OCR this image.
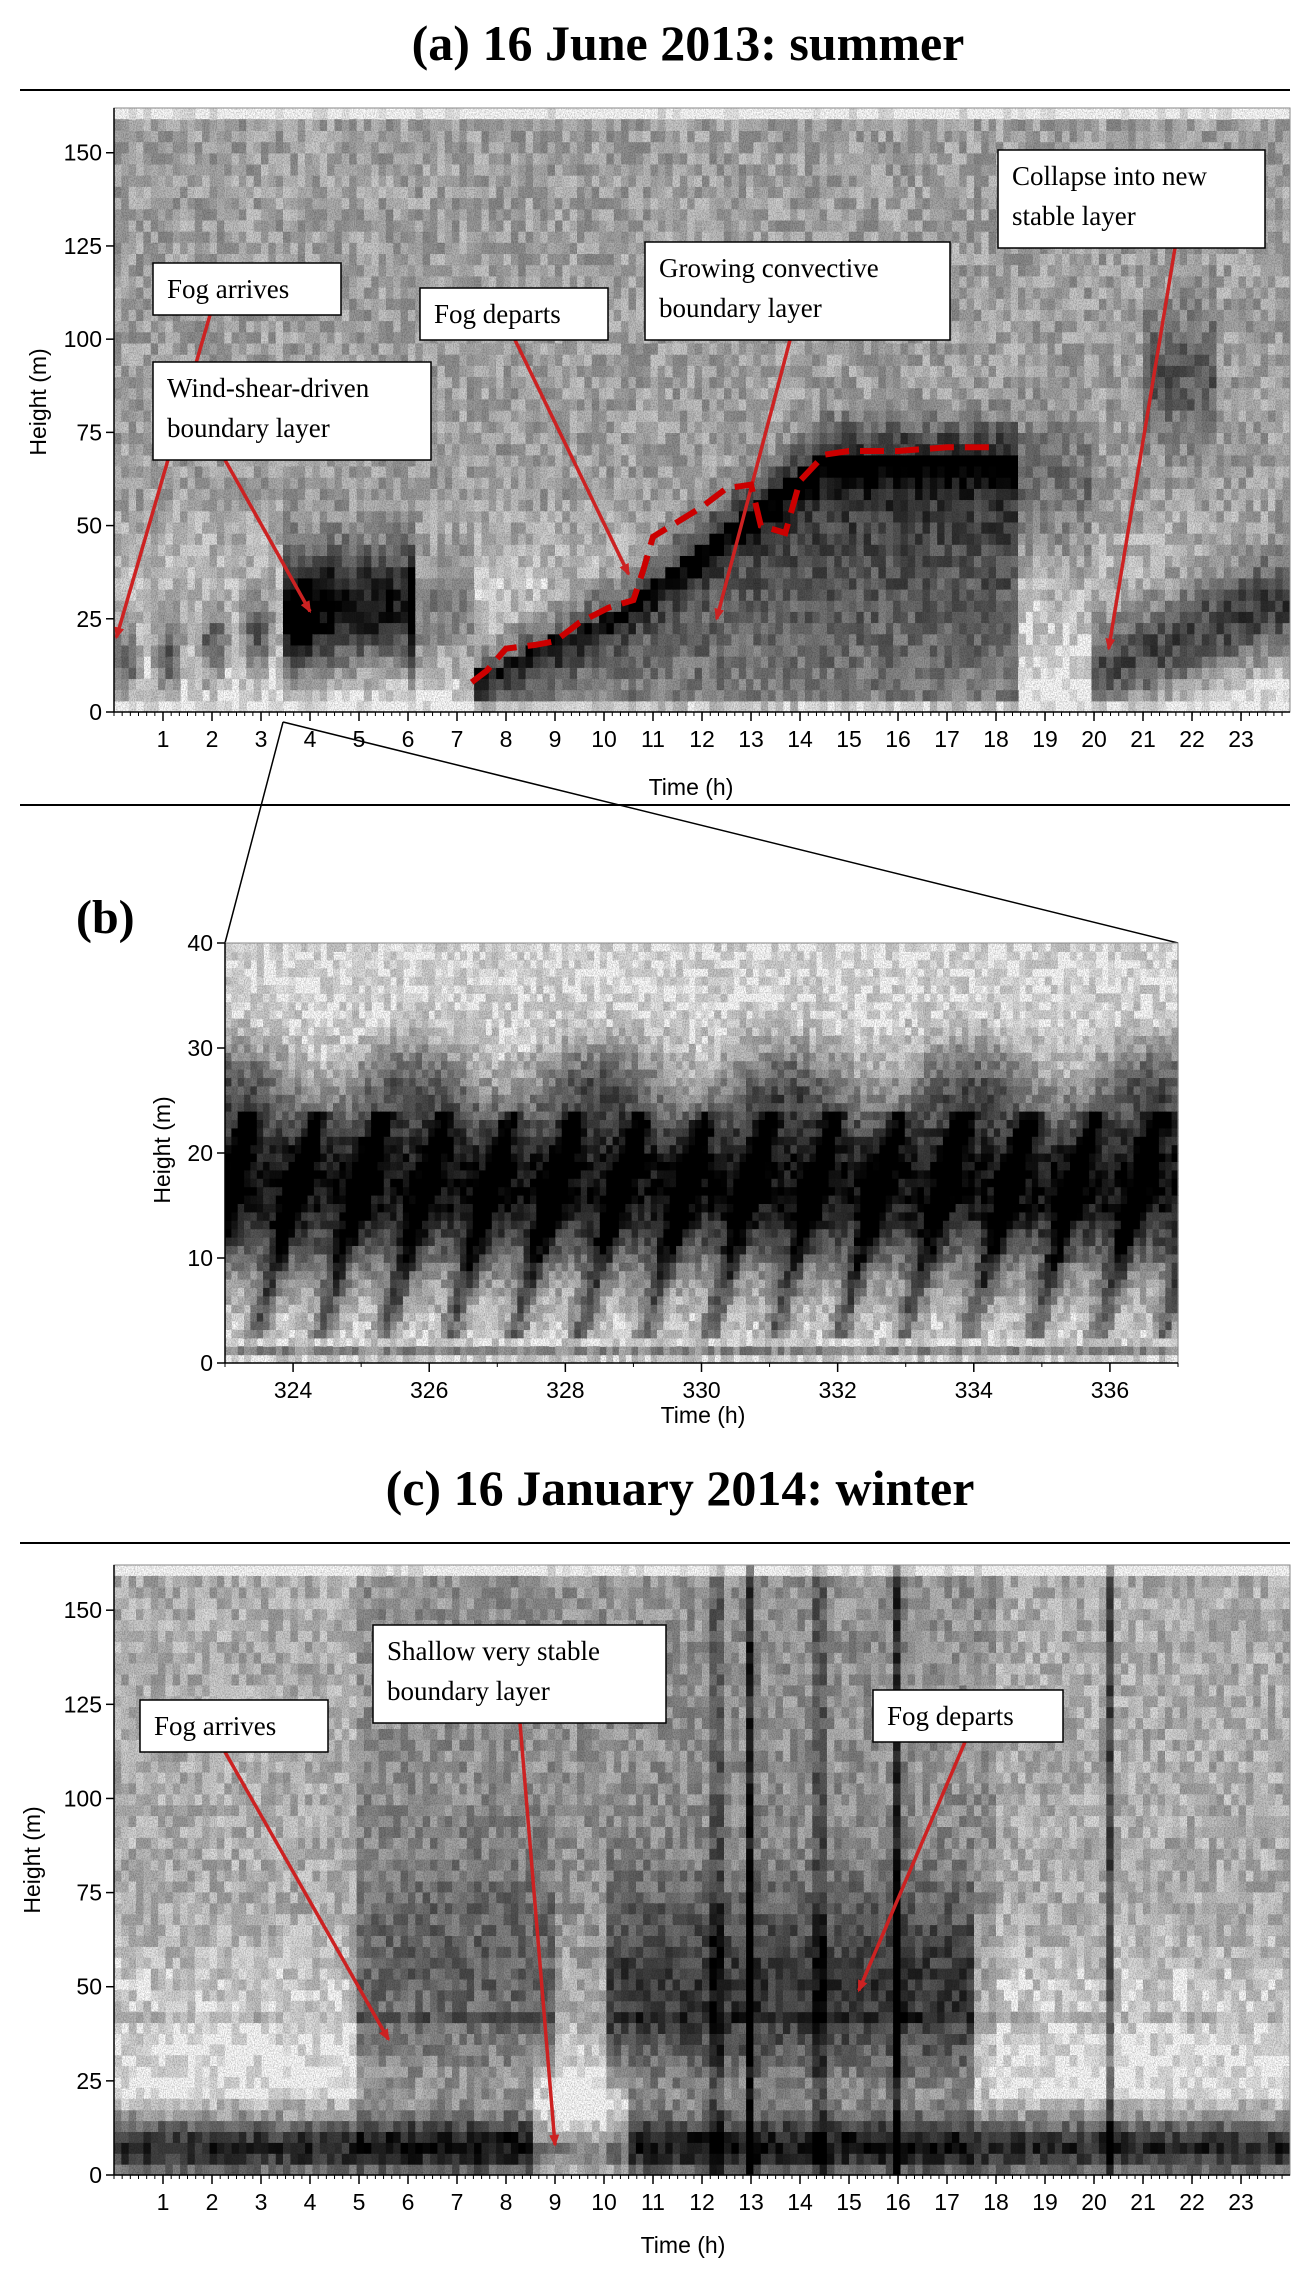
(a) 16 June 2013: summer
0
25
50
75
100
125
150
1 2 3 4 5 6 7 8 9 10 11 12 13 14 15 16 17 18 19 20 21 22 23
Height (m)
Time (h)
Fog arrives
Wind-shear-driven
boundary layer
Fog departs
Growing convective
boundary layer
Collapse into new
stable layer
(b)
0
10
20
30
40
324	326	328	330	332	334	336
Height (m)
Time (h)
(c) 16 January 2014: winter
0
25
50
75
100
125
150
1 2 3 4 5 6 7 8 9 10 11 12 13 14 15 16 17 18 19 20 21 22 23
Height (m)
Time (h)
Fog arrives
Shallow very stable
boundary layer
Fog departs
